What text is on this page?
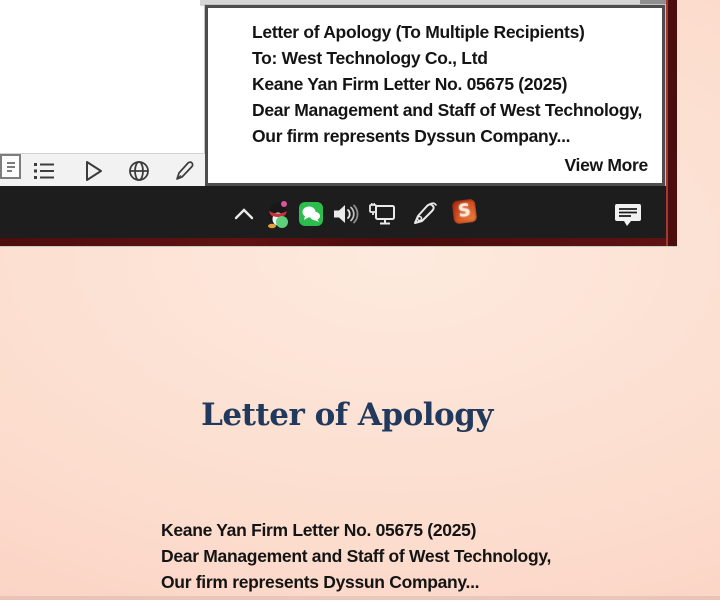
Letter of Apology (To Multiple Recipients)
To: West Technology Co., Ltd
Keane Yan Firm Letter No. 05675 (2025)
Dear Management and Staff of West Technology,
Our firm represents Dyssun Company...
View More
S
Letter of Apology
Keane Yan Firm Letter No. 05675 (2025)
Dear Management and Staff of West Technology,
Our firm represents Dyssun Company...
